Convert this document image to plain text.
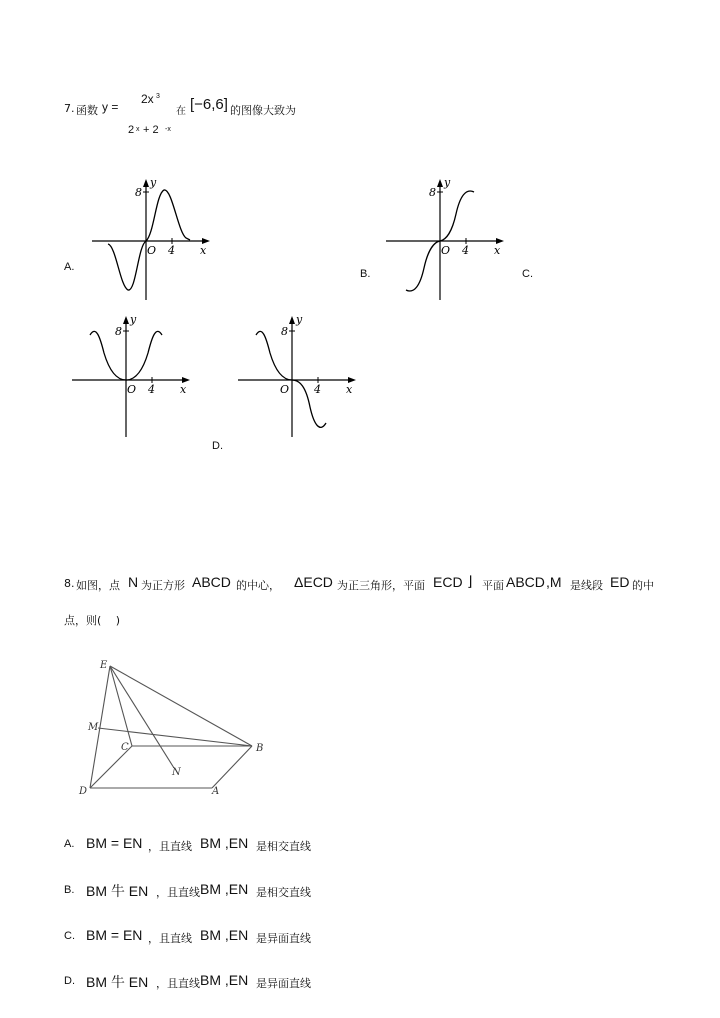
7. 函数 y =
2x 3
2 x + 2 -x
在 [−6,6] 的图像大致为
y
8
O 4 x
A.
y
8
O 4 x
B.	C.
y
8
O 4 x
y
8
O 4 x
D.
8. 如图，点 N 为正方形 ABCD 的中心， ΔECD 为正三角形，平面 ECD ⌋ 平面 ABCD ,M 是线段 ED 的中
点，则(　 )
E
M
C	B
N
D	A
A. BM = EN ，且直线 BM ,EN 是相交直线
B. BM 牛 EN ，且直线 BM ,EN 是相交直线
C. BM = EN ，且直线 BM ,EN 是异面直线
D. BM 牛 EN ，且直线 BM ,EN 是异面直线
